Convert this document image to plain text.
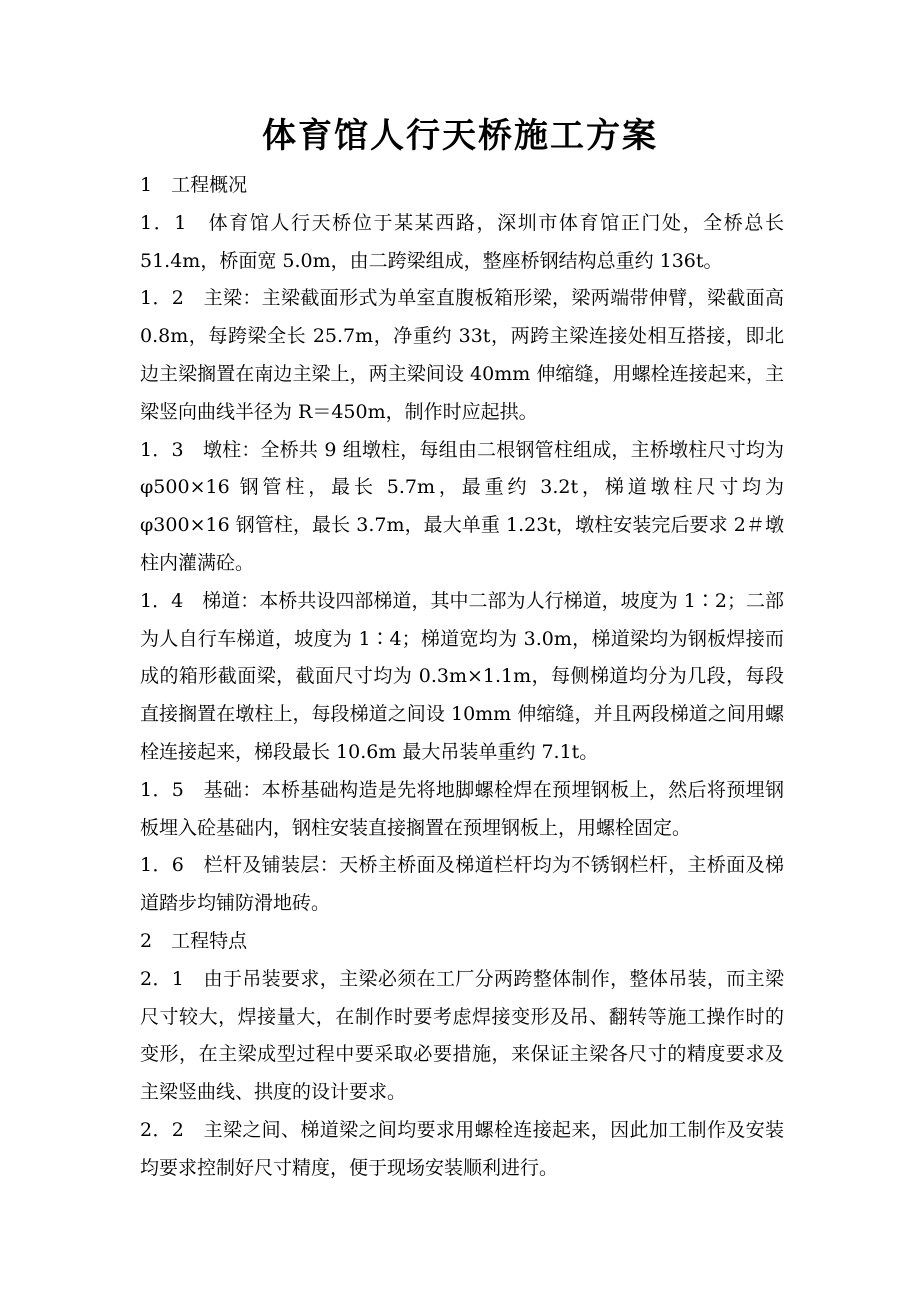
体育馆人行天桥施工方案

1　工程概况

1．1　体育馆人行天桥位于某某西路，深圳市体育馆正门处，全桥总长51.4m，桥面宽 5.0m，由二跨梁组成，整座桥钢结构总重约 136t。

1．2　主梁：主梁截面形式为单室直腹板箱形梁，梁两端带伸臂，梁截面高 0.8m，每跨梁全长 25.7m，净重约 33t，两跨主梁连接处相互搭接，即北边主梁搁置在南边主梁上，两主梁间设 40mm 伸缩缝，用螺栓连接起来，主梁竖向曲线半径为 R＝450m，制作时应起拱。

1．3　墩柱：全桥共 9 组墩柱，每组由二根钢管柱组成，主桥墩柱尺寸均为φ500×16 钢管柱，最长 5.7m，最重约 3.2t，梯道墩柱尺寸均为φ300×16 钢管柱，最长 3.7m，最大单重 1.23t，墩柱安装完后要求 2＃墩柱内灌满砼。

1．4　梯道：本桥共设四部梯道，其中二部为人行梯道，坡度为 1∶2；二部为人自行车梯道，坡度为 1∶4；梯道宽均为 3.0m，梯道梁均为钢板焊接而成的箱形截面梁，截面尺寸均为 0.3m×1.1m，每侧梯道均分为几段，每段直接搁置在墩柱上，每段梯道之间设 10mm 伸缩缝，并且两段梯道之间用螺栓连接起来，梯段最长 10.6m 最大吊装单重约 7.1t。

1．5　基础：本桥基础构造是先将地脚螺栓焊在预埋钢板上，然后将预埋钢板埋入砼基础内，钢柱安装直接搁置在预埋钢板上，用螺栓固定。

1．6　栏杆及铺装层：天桥主桥面及梯道栏杆均为不锈钢栏杆，主桥面及梯道踏步均铺防滑地砖。

2　工程特点

2．1　由于吊装要求，主梁必须在工厂分两跨整体制作，整体吊装，而主梁尺寸较大，焊接量大，在制作时要考虑焊接变形及吊、翻转等施工操作时的变形，在主梁成型过程中要采取必要措施，来保证主梁各尺寸的精度要求及主梁竖曲线、拱度的设计要求。

2．2　主梁之间、梯道梁之间均要求用螺栓连接起来，因此加工制作及安装均要求控制好尺寸精度，便于现场安装顺利进行。
